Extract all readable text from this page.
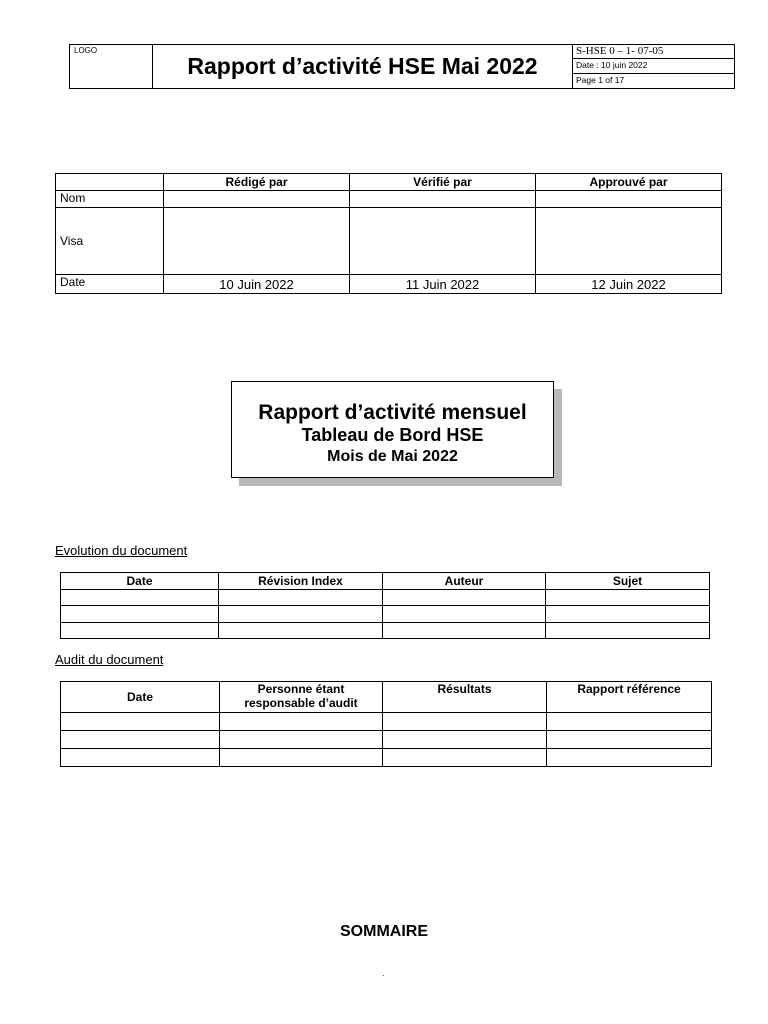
LOGO
Rapport d’activité HSE Mai 2022
S-HSE 0 – 1- 07-05
Date : 10 juin 2022
Page 1 of 17
	Rédigé par	Vérifié par	Approuvé par
Nom			
Visa			
Date	10 Juin 2022	11 Juin 2022	12 Juin 2022
Rapport d’activité mensuel
Tableau de Bord HSE
Mois de Mai 2022
Evolution du document
Date	Révision Index	Auteur	Sujet

Audit du document
Date	Personne étant responsable d’audit	Résultats	Rapport référence

SOMMAIRE
